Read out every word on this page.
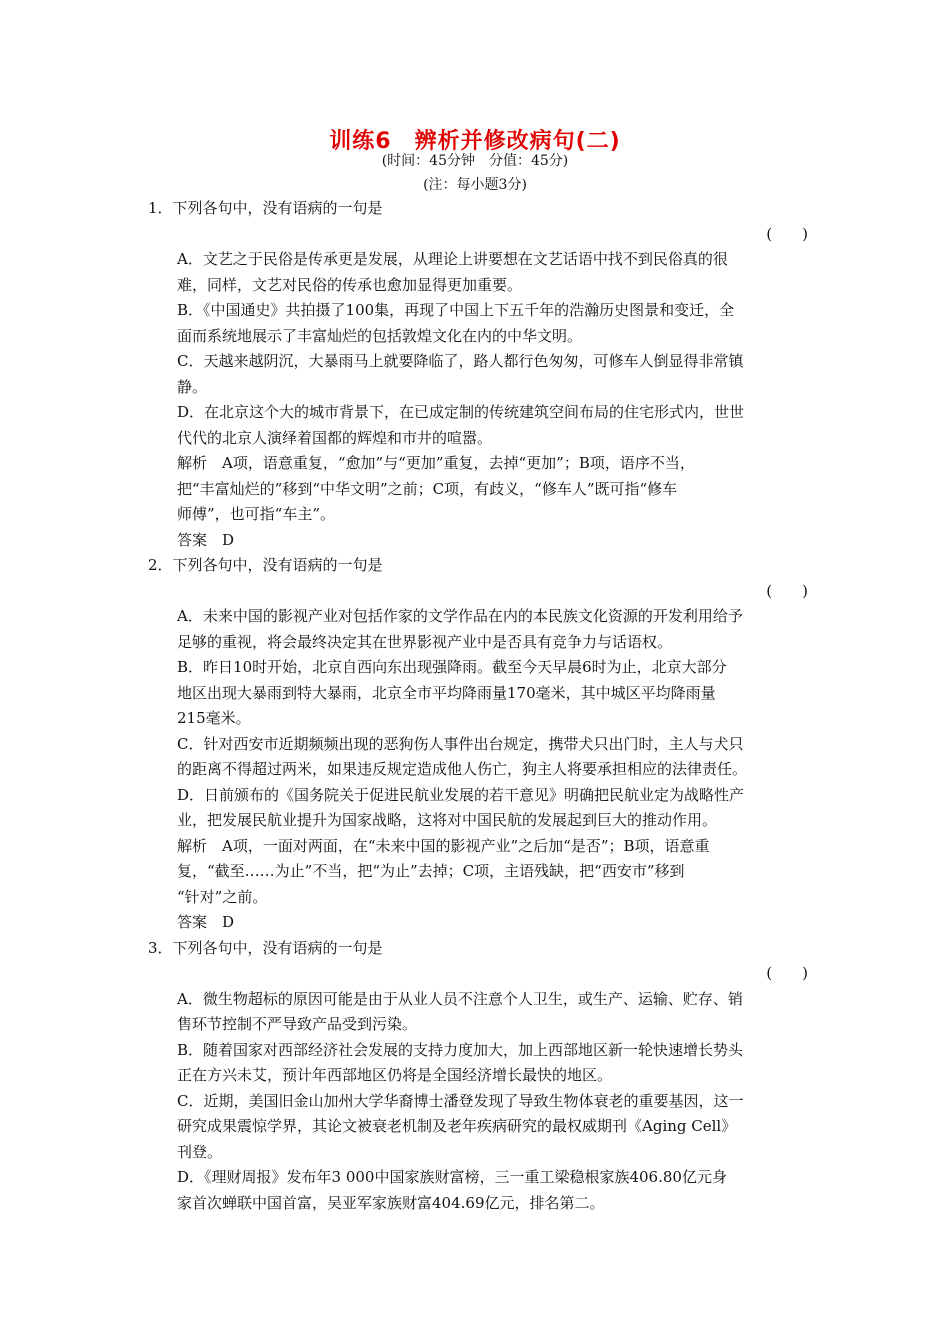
训练6　辨析并修改病句(二)
(时间：45分钟　分值：45分)
(注：每小题3分)

1．下列各句中，没有语病的一句是

(　　)

A．文艺之于民俗是传承更是发展，从理论上讲要想在文艺话语中找不到民俗真的很

难，同样，文艺对民俗的传承也愈加显得更加重要。

B．《中国通史》共拍摄了100集，再现了中国上下五千年的浩瀚历史图景和变迁，全

面而系统地展示了丰富灿烂的包括敦煌文化在内的中华文明。

C．天越来越阴沉，大暴雨马上就要降临了，路人都行色匆匆，可修车人倒显得非常镇

静。

D．在北京这个大的城市背景下，在已成定制的传统建筑空间布局的住宅形式内，世世

代代的北京人演绎着国都的辉煌和市井的喧嚣。

解析　A项，语意重复，“愈加”与“更加”重复，去掉“更加”；B项，语序不当，

把“丰富灿烂的”移到“中华文明”之前；C项，有歧义，“修车人”既可指“修车

师傅”，也可指“车主”。

答案　D

2．下列各句中，没有语病的一句是

(　　)

A．未来中国的影视产业对包括作家的文学作品在内的本民族文化资源的开发利用给予

足够的重视，将会最终决定其在世界影视产业中是否具有竞争力与话语权。

B．昨日10时开始，北京自西向东出现强降雨。截至今天早晨6时为止，北京大部分

地区出现大暴雨到特大暴雨，北京全市平均降雨量170毫米，其中城区平均降雨量

215毫米。

C．针对西安市近期频频出现的恶狗伤人事件出台规定，携带犬只出门时，主人与犬只

的距离不得超过两米，如果违反规定造成他人伤亡，狗主人将要承担相应的法律责任。

D．日前颁布的《国务院关于促进民航业发展的若干意见》明确把民航业定为战略性产

业，把发展民航业提升为国家战略，这将对中国民航的发展起到巨大的推动作用。

解析　A项，一面对两面，在“未来中国的影视产业”之后加“是否”；B项，语意重

复，“截至……为止”不当，把“为止”去掉；C项，主语残缺，把“西安市”移到

“针对”之前。

答案　D

3．下列各句中，没有语病的一句是

(　　)

A．微生物超标的原因可能是由于从业人员不注意个人卫生，或生产、运输、贮存、销

售环节控制不严导致产品受到污染。

B．随着国家对西部经济社会发展的支持力度加大，加上西部地区新一轮快速增长势头

正在方兴未艾，预计年西部地区仍将是全国经济增长最快的地区。

C．近期，美国旧金山加州大学华裔博士潘登发现了导致生物体衰老的重要基因，这一

研究成果震惊学界，其论文被衰老机制及老年疾病研究的最权威期刊《Aging Cell》

刊登。

D．《理财周报》发布年3 000中国家族财富榜，三一重工梁稳根家族406.80亿元身

家首次蝉联中国首富，吴亚军家族财富404.69亿元，排名第二。
